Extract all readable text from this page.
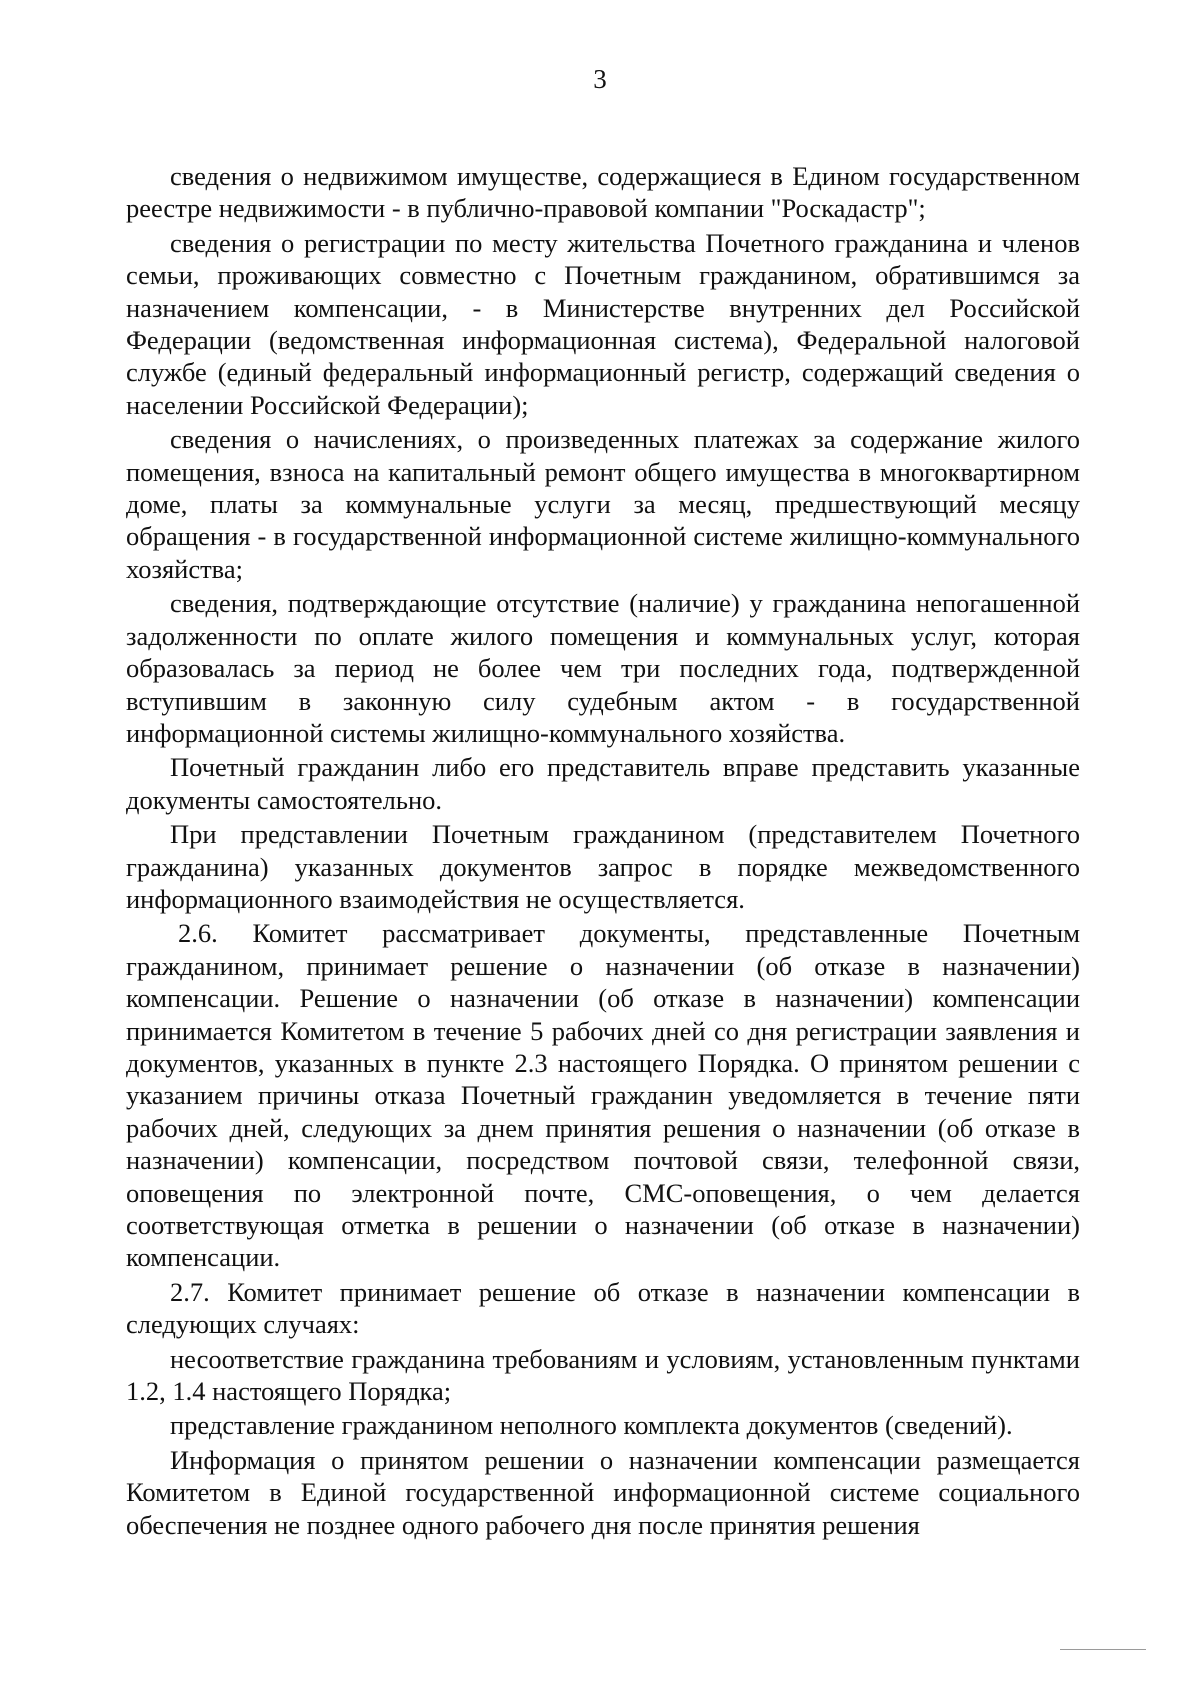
3

сведения о недвижимом имуществе, содержащиеся в Едином государственном реестре недвижимости - в публично-правовой компании "Роскадастр";

сведения о регистрации по месту жительства Почетного гражданина и членов семьи, проживающих совместно с Почетным гражданином, обратившимся за назначением компенсации, - в Министерстве внутренних дел Российской Федерации (ведомственная информационная система), Федеральной налоговой службе (единый федеральный информационный регистр, содержащий сведения о населении Российской Федерации);

сведения о начислениях, о произведенных платежах за содержание жилого помещения, взноса на капитальный ремонт общего имущества в многоквартирном доме, платы за коммунальные услуги за месяц, предшествующий месяцу обращения - в государственной информационной системе жилищно-коммунального хозяйства;

сведения, подтверждающие отсутствие (наличие) у гражданина непогашенной задолженности по оплате жилого помещения и коммунальных услуг, которая образовалась за период не более чем три последних года, подтвержденной вступившим в законную силу судебным актом - в государственной информационной системы жилищно-коммунального хозяйства.

Почетный гражданин либо его представитель вправе представить указанные документы самостоятельно.

При представлении Почетным гражданином (представителем Почетного гражданина) указанных документов запрос в порядке межведомственного информационного взаимодействия не осуществляется.

2.6. Комитет рассматривает документы, представленные Почетным гражданином, принимает решение о назначении (об отказе в назначении) компенсации. Решение о назначении (об отказе в назначении) компенсации принимается Комитетом в течение 5 рабочих дней со дня регистрации заявления и документов, указанных в пункте 2.3 настоящего Порядка. О принятом решении с указанием причины отказа Почетный гражданин уведомляется в течение пяти рабочих дней, следующих за днем принятия решения о назначении (об отказе в назначении) компенсации, посредством почтовой связи, телефонной связи, оповещения по электронной почте, СМС-оповещения, о чем делается соответствующая отметка в решении о назначении (об отказе в назначении) компенсации.

2.7. Комитет принимает решение об отказе в назначении компенсации в следующих случаях:

несоответствие гражданина требованиям и условиям, установленным пунктами 1.2, 1.4 настоящего Порядка;

представление гражданином неполного комплекта документов (сведений).

Информация о принятом решении о назначении компенсации размещается Комитетом в Единой государственной информационной системе социального обеспечения не позднее одного рабочего дня после принятия решения
